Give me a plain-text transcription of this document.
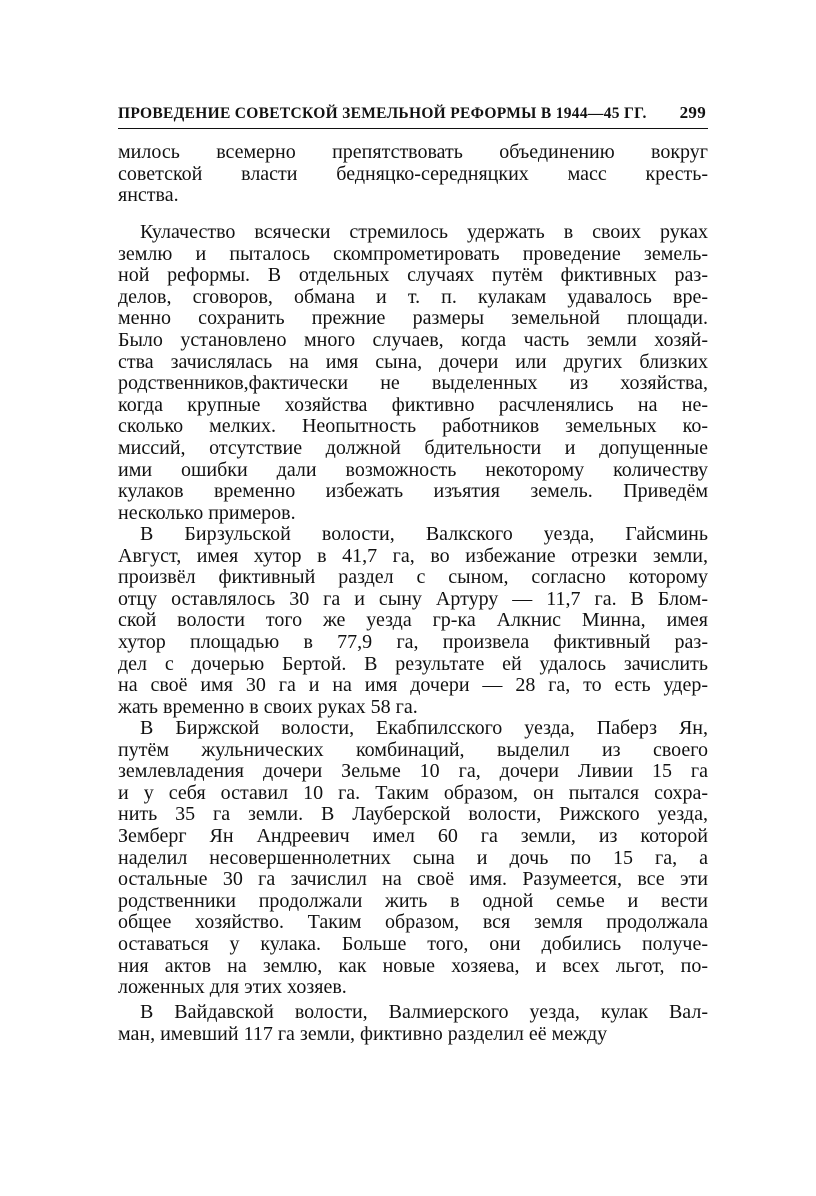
ПРОВЕДЕНИЕ СОВЕТСКОЙ ЗЕМЕЛЬНОЙ РЕФОРМЫ В 1944—45 ГГ. 299
милось всемерно препятствовать объединению вокруг
советской власти бедняцко-середняцких масс кресть-
янства.
Кулачество всячески стремилось удержать в своих руках
землю и пыталось скомпрометировать проведение земель-
ной реформы. В отдельных случаях путём фиктивных раз-
делов, сговоров, обмана и т. п. кулакам удавалось вре-
менно сохранить прежние размеры земельной площади.
Было установлено много случаев, когда часть земли хозяй-
ства зачислялась на имя сына, дочери или других близких
родственников,фактически не выделенных из хозяйства,
когда крупные хозяйства фиктивно расчленялись на не-
сколько мелких. Неопытность работников земельных ко-
миссий, отсутствие должной бдительности и допущенные
ими ошибки дали возможность некоторому количеству
кулаков временно избежать изъятия земель. Приведём
несколько примеров.
В Бирзульской волости, Валкского уезда, Гайсминь
Август, имея хутор в 41,7 га, во избежание отрезки земли,
произвёл фиктивный раздел с сыном, согласно которому
отцу оставлялось 30 га и сыну Артуру — 11,7 га. В Блом-
ской волости того же уезда гр-ка Алкнис Минна, имея
хутор площадью в 77,9 га, произвела фиктивный раз-
дел с дочерью Бертой. В результате ей удалось зачислить
на своё имя 30 га и на имя дочери — 28 га, то есть удер-
жать временно в своих руках 58 га.
В Биржской волости, Екабпилсского уезда, Паберз Ян,
путём жульнических комбинаций, выделил из своего
землевладения дочери Зельме 10 га, дочери Ливии 15 га
и у себя оставил 10 га. Таким образом, он пытался сохра-
нить 35 га земли. В Лауберской волости, Рижского уезда,
Земберг Ян Андреевич имел 60 га земли, из которой
наделил несовершеннолетних сына и дочь по 15 га, а
остальные 30 га зачислил на своё имя. Разумеется, все эти
родственники продолжали жить в одной семье и вести
общее хозяйство. Таким образом, вся земля продолжала
оставаться у кулака. Больше того, они добились получе-
ния актов на землю, как новые хозяева, и всех льгот, по-
ложенных для этих хозяев.
В Вайдавской волости, Валмиерского уезда, кулак Вал-
ман, имевший 117 га земли, фиктивно разделил её между
